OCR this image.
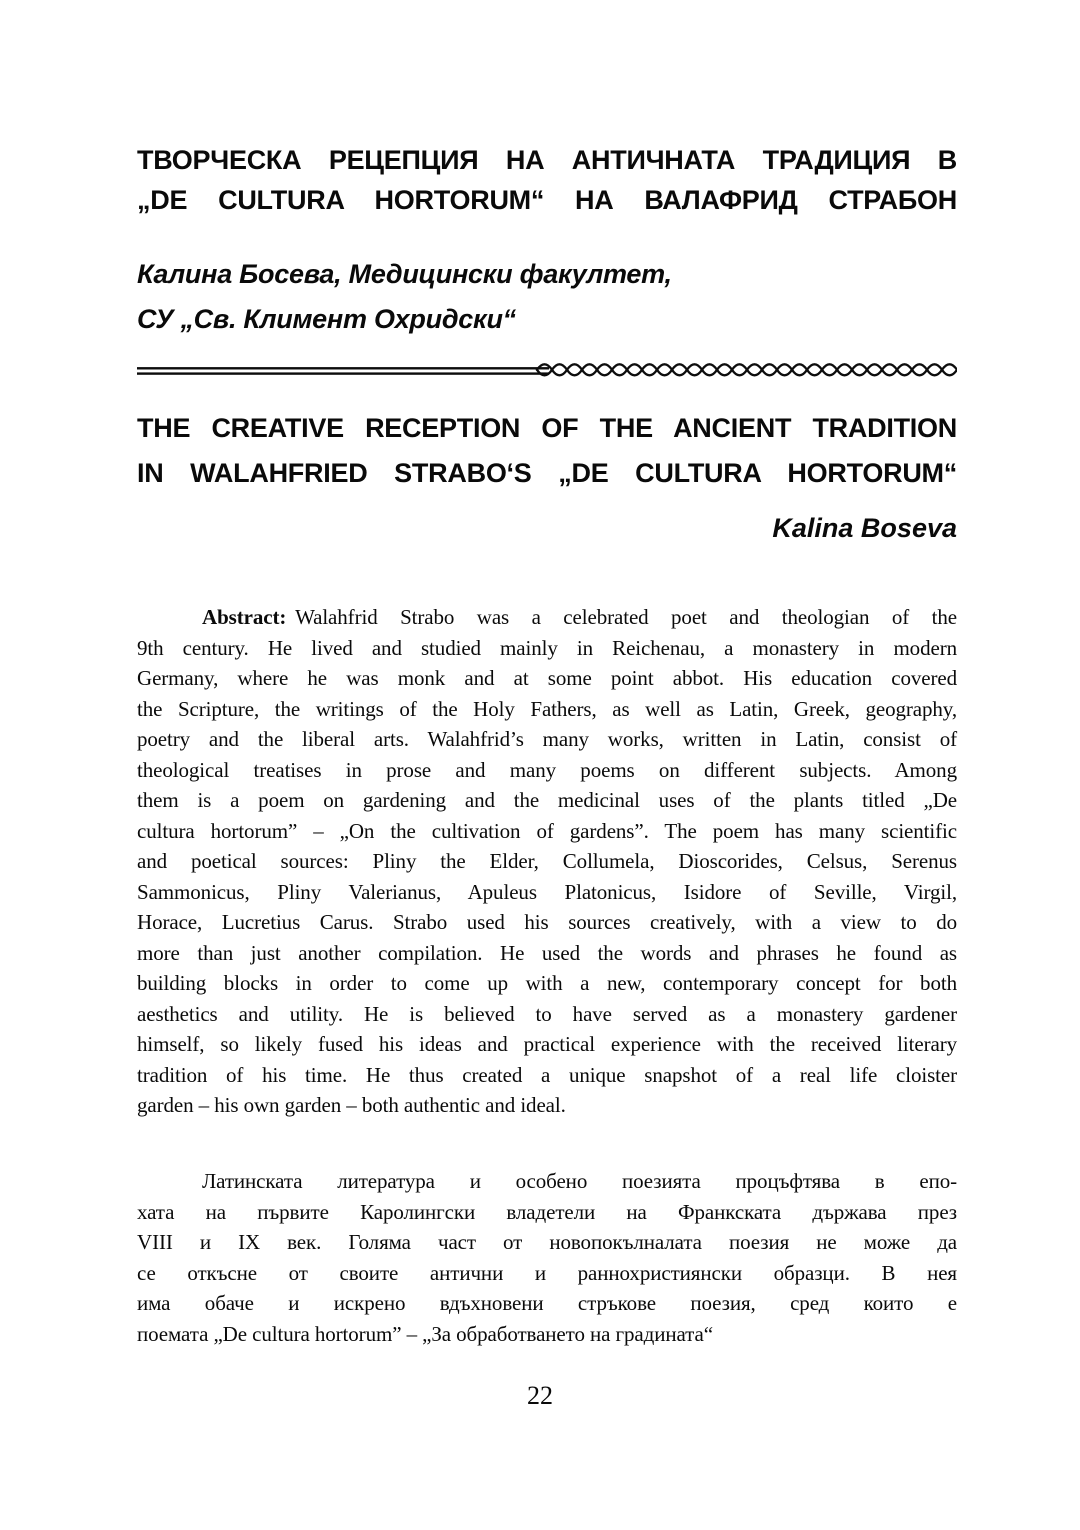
ТВОРЧЕСКА РЕЦЕПЦИЯ НА АНТИЧНАТА ТРАДИЦИЯ В
„DE CULTURA HORTORUM“ НА ВАЛАФРИД СТРАБОН
Калина Босева, Медицински факултет,
СУ „Св. Климент Охридски“
THE CREATIVE RECEPTION OF THE ANCIENT TRADITION
IN WALAHFRIED STRABO‘S „DE CULTURA HORTORUM“
Kalina Boseva
Abstract: Walahfrid Strabo was a celebrated poet and theologian of the
9th century. He lived and studied mainly in Reichenau, a monastery in modern
Germany, where he was monk and at some point abbot. His education covered
the Scripture, the writings of the Holy Fathers, as well as Latin, Greek, geography,
poetry and the liberal arts. Walahfrid’s many works, written in Latin, consist of
theological treatises in prose and many poems on different subjects. Among
them is a poem on gardening and the medicinal uses of the plants titled „De
cultura hortorum” – „On the cultivation of gardens”. The poem has many scientific
and poetical sources: Pliny the Elder, Collumela, Dioscorides, Celsus, Serenus
Sammonicus, Pliny Valerianus, Apuleus Platonicus, Isidore of Seville, Virgil,
Horace, Lucretius Carus. Strabo used his sources creatively, with a view to do
more than just another compilation. He used the words and phrases he found as
building blocks in order to come up with a new, contemporary concept for both
aesthetics and utility. He is believed to have served as a monastery gardener
himself, so likely fused his ideas and practical experience with the received literary
tradition of his time. He thus created a unique snapshot of a real life cloister
garden – his own garden – both authentic and ideal.
Латинската литература и особено поезията процъфтява в епо-
хата на първите Каролингски владетели на Франкската държава през
VIII и IX век. Голяма част от новопокълналата поезия не може да
се откъсне от своите антични и раннохристиянски образци. В нея
има обаче и искрено вдъхновени стръкове поезия, сред които е
поемата „De cultura hortorum” – „За обработването на градината“
22
